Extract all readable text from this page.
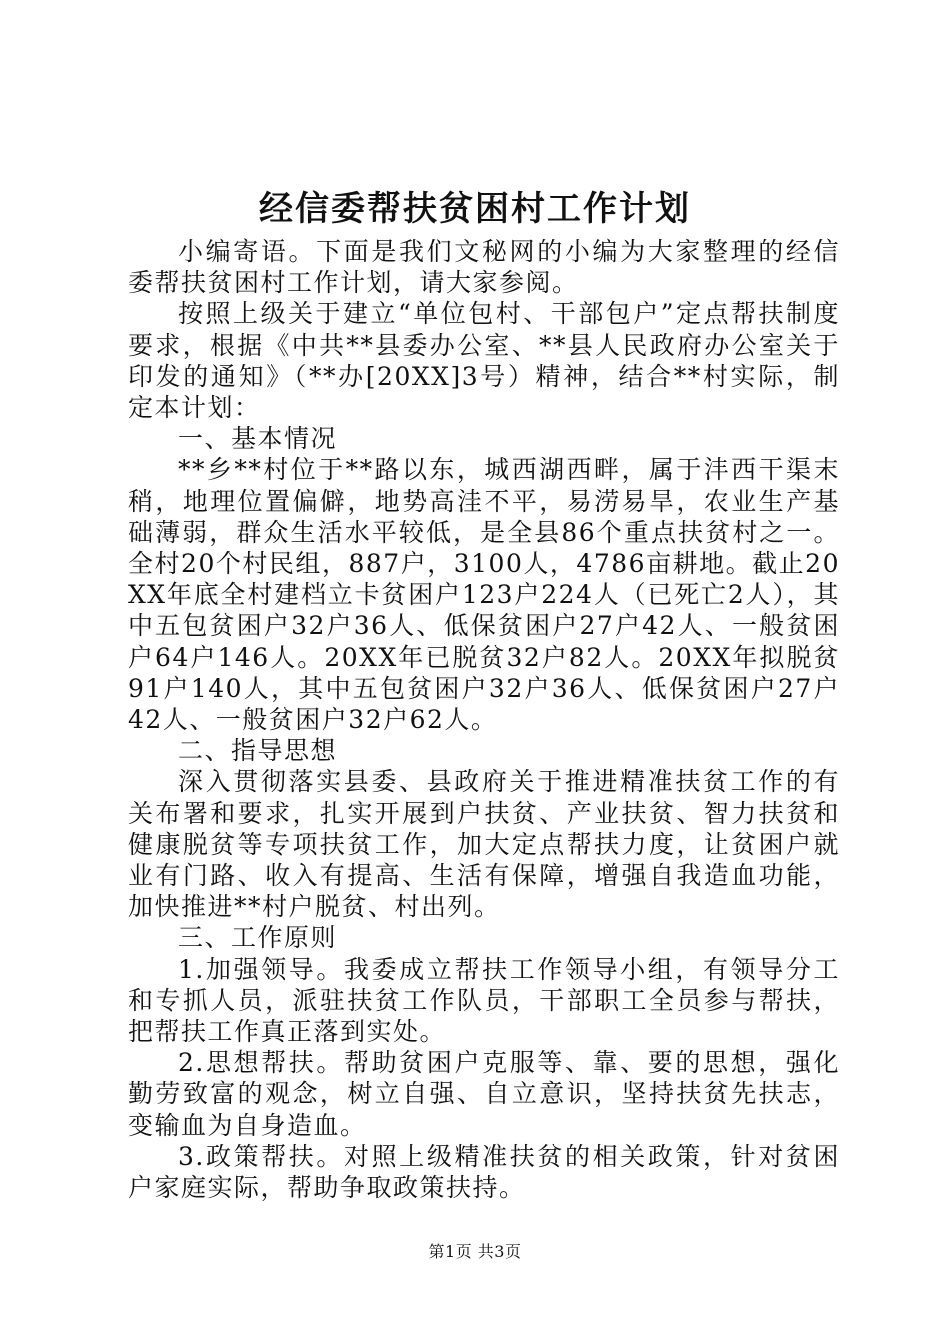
经信委帮扶贫困村工作计划

小编寄语。下面是我们文秘网的小编为大家整理的经信委帮扶贫困村工作计划，请大家参阅。

按照上级关于建立“单位包村、干部包户”定点帮扶制度要求，根据《中共**县委办公室、**县人民政府办公室关于印发的通知》（**办[20XX]3号）精神，结合**村实际，制定本计划：

一、基本情况

**乡**村位于**路以东，城西湖西畔，属于沣西干渠末稍，地理位置偏僻，地势高洼不平，易涝易旱，农业生产基础薄弱，群众生活水平较低，是全县86个重点扶贫村之一。全村20个村民组，887户，3100人，4786亩耕地。截止20XX年底全村建档立卡贫困户123户224人（已死亡2人），其中五包贫困户32户36人、低保贫困户27户42人、一般贫困户64户146人。20XX年已脱贫32户82人。20XX年拟脱贫91户140人，其中五包贫困户32户36人、低保贫困户27户42人、一般贫困户32户62人。

二、指导思想

深入贯彻落实县委、县政府关于推进精准扶贫工作的有关布署和要求，扎实开展到户扶贫、产业扶贫、智力扶贫和健康脱贫等专项扶贫工作，加大定点帮扶力度，让贫困户就业有门路、收入有提高、生活有保障，增强自我造血功能，加快推进**村户脱贫、村出列。

三、工作原则

1.加强领导。我委成立帮扶工作领导小组，有领导分工和专抓人员，派驻扶贫工作队员，干部职工全员参与帮扶，把帮扶工作真正落到实处。

2.思想帮扶。帮助贫困户克服等、靠、要的思想，强化勤劳致富的观念，树立自强、自立意识，坚持扶贫先扶志，变输血为自身造血。

3.政策帮扶。对照上级精准扶贫的相关政策，针对贫困户家庭实际，帮助争取政策扶持。

第1页 共3页
